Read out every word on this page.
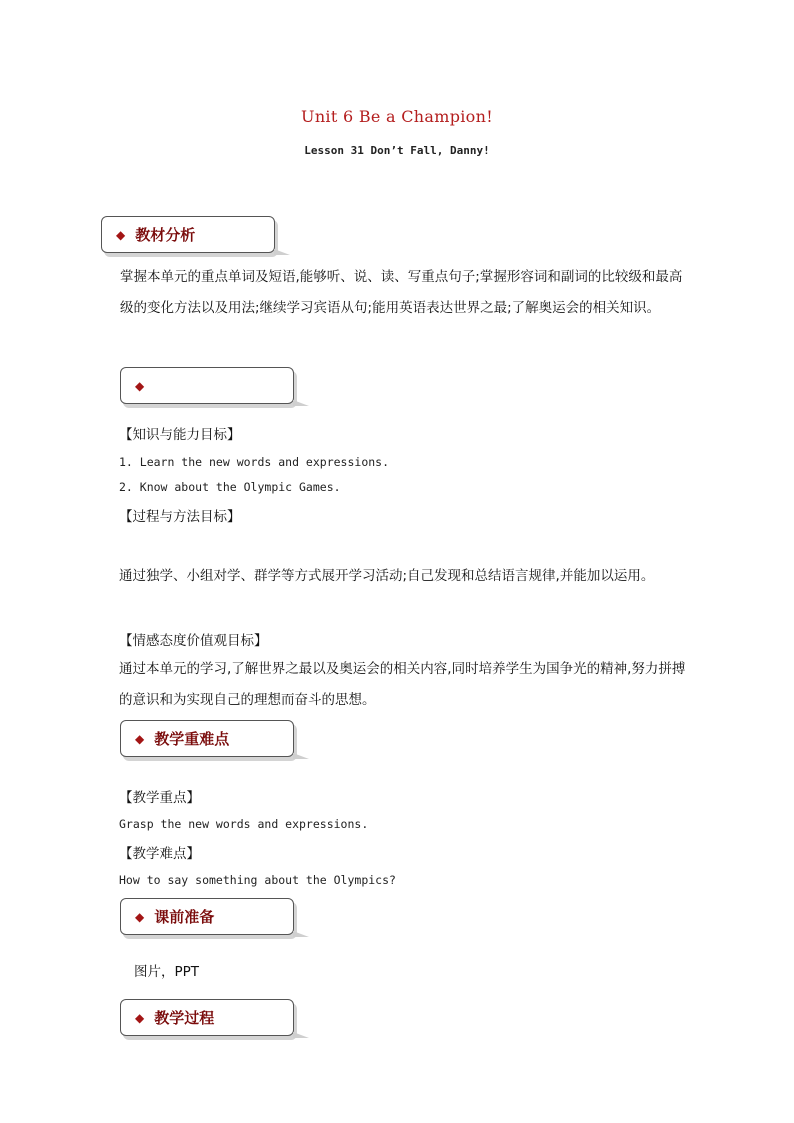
Unit 6 Be a Champion!
Lesson 31 Don’t Fall, Danny!
◆ 教材分析
掌握本单元的重点单词及短语,能够听、说、读、写重点句子;掌握形容词和副词的比较级和最高级的变化方法以及用法;继续学习宾语从句;能用英语表达世界之最;了解奥运会的相关知识。
◆
【知识与能力目标】
1. Learn the new words and expressions.
2. Know about the Olympic Games.
【过程与方法目标】
通过独学、小组对学、群学等方式展开学习活动;自己发现和总结语言规律,并能加以运用。
【情感态度价值观目标】
通过本单元的学习,了解世界之最以及奥运会的相关内容,同时培养学生为国争光的精神,努力拼搏的意识和为实现自己的理想而奋斗的思想。
◆ 教学重难点
【教学重点】
Grasp the new words and expressions.
【教学难点】
How to say something about the Olympics?
◆ 课前准备
图片，PPT
◆ 教学过程
